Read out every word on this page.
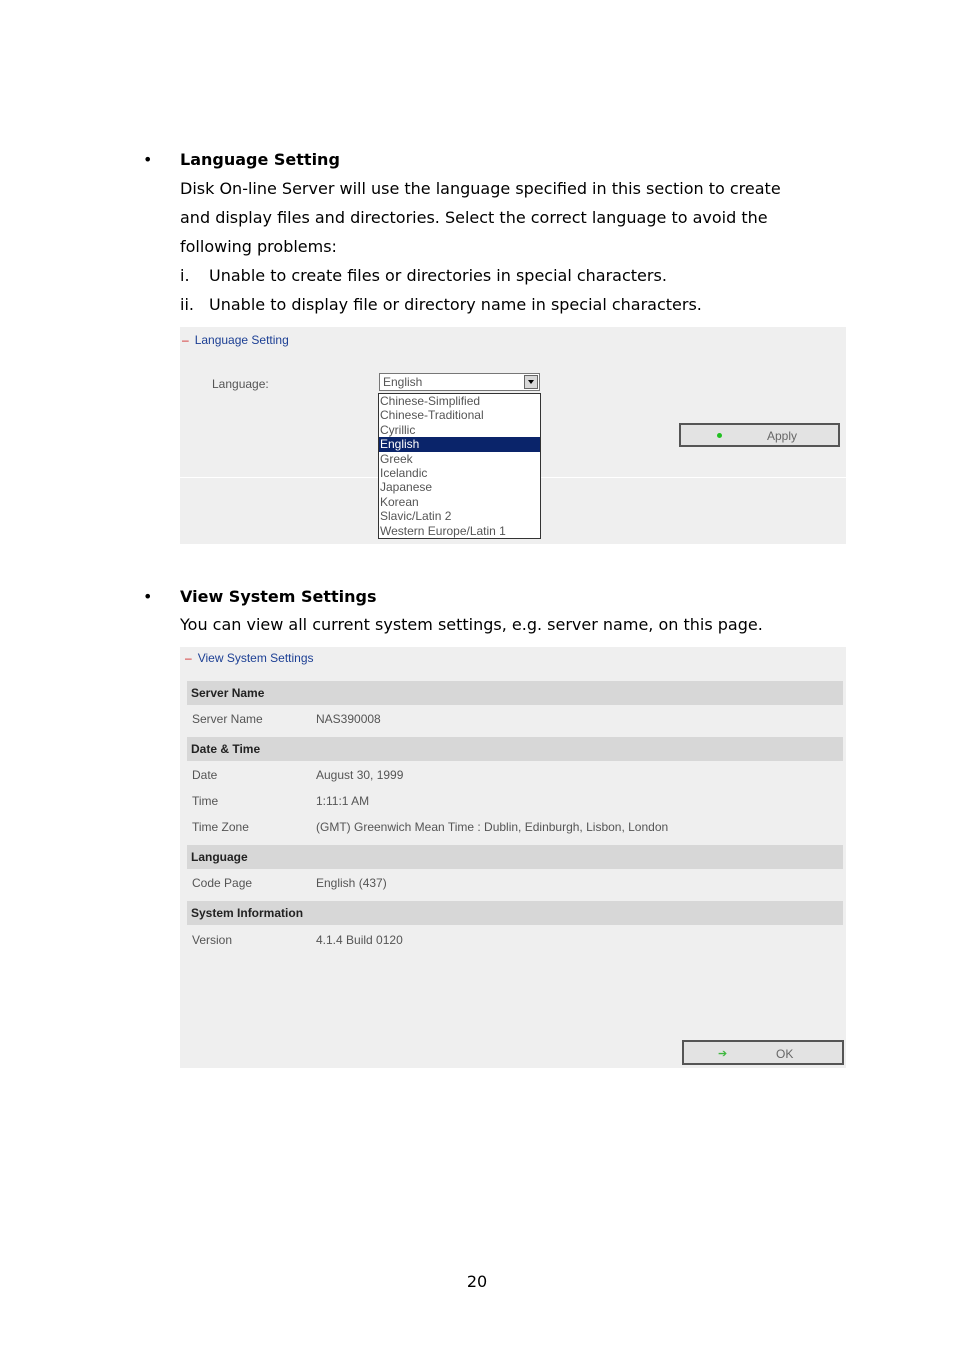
• Language Setting
Disk On-line Server will use the language specified in this section to create
and display files and directories. Select the correct language to avoid the
following problems:
i. Unable to create files or directories in special characters.
ii. Unable to display file or directory name in special characters.
– Language Setting
Language:	English
Chinese-Simplified
Chinese-Traditional
Cyrillic
English
Greek
Icelandic
Japanese
Korean
Slavic/Latin 2
Western Europe/Latin 1
Apply
• View System Settings
You can view all current system settings, e.g. server name, on this page.
– View System Settings
Server Name
Server Name	NAS390008
Date & Time
Date	August 30, 1999
Time	1:11:1 AM
Time Zone	(GMT) Greenwich Mean Time : Dublin, Edinburgh, Lisbon, London
Language
Code Page	English (437)
System Information
Version	4.1.4 Build 0120
➔	OK
20
